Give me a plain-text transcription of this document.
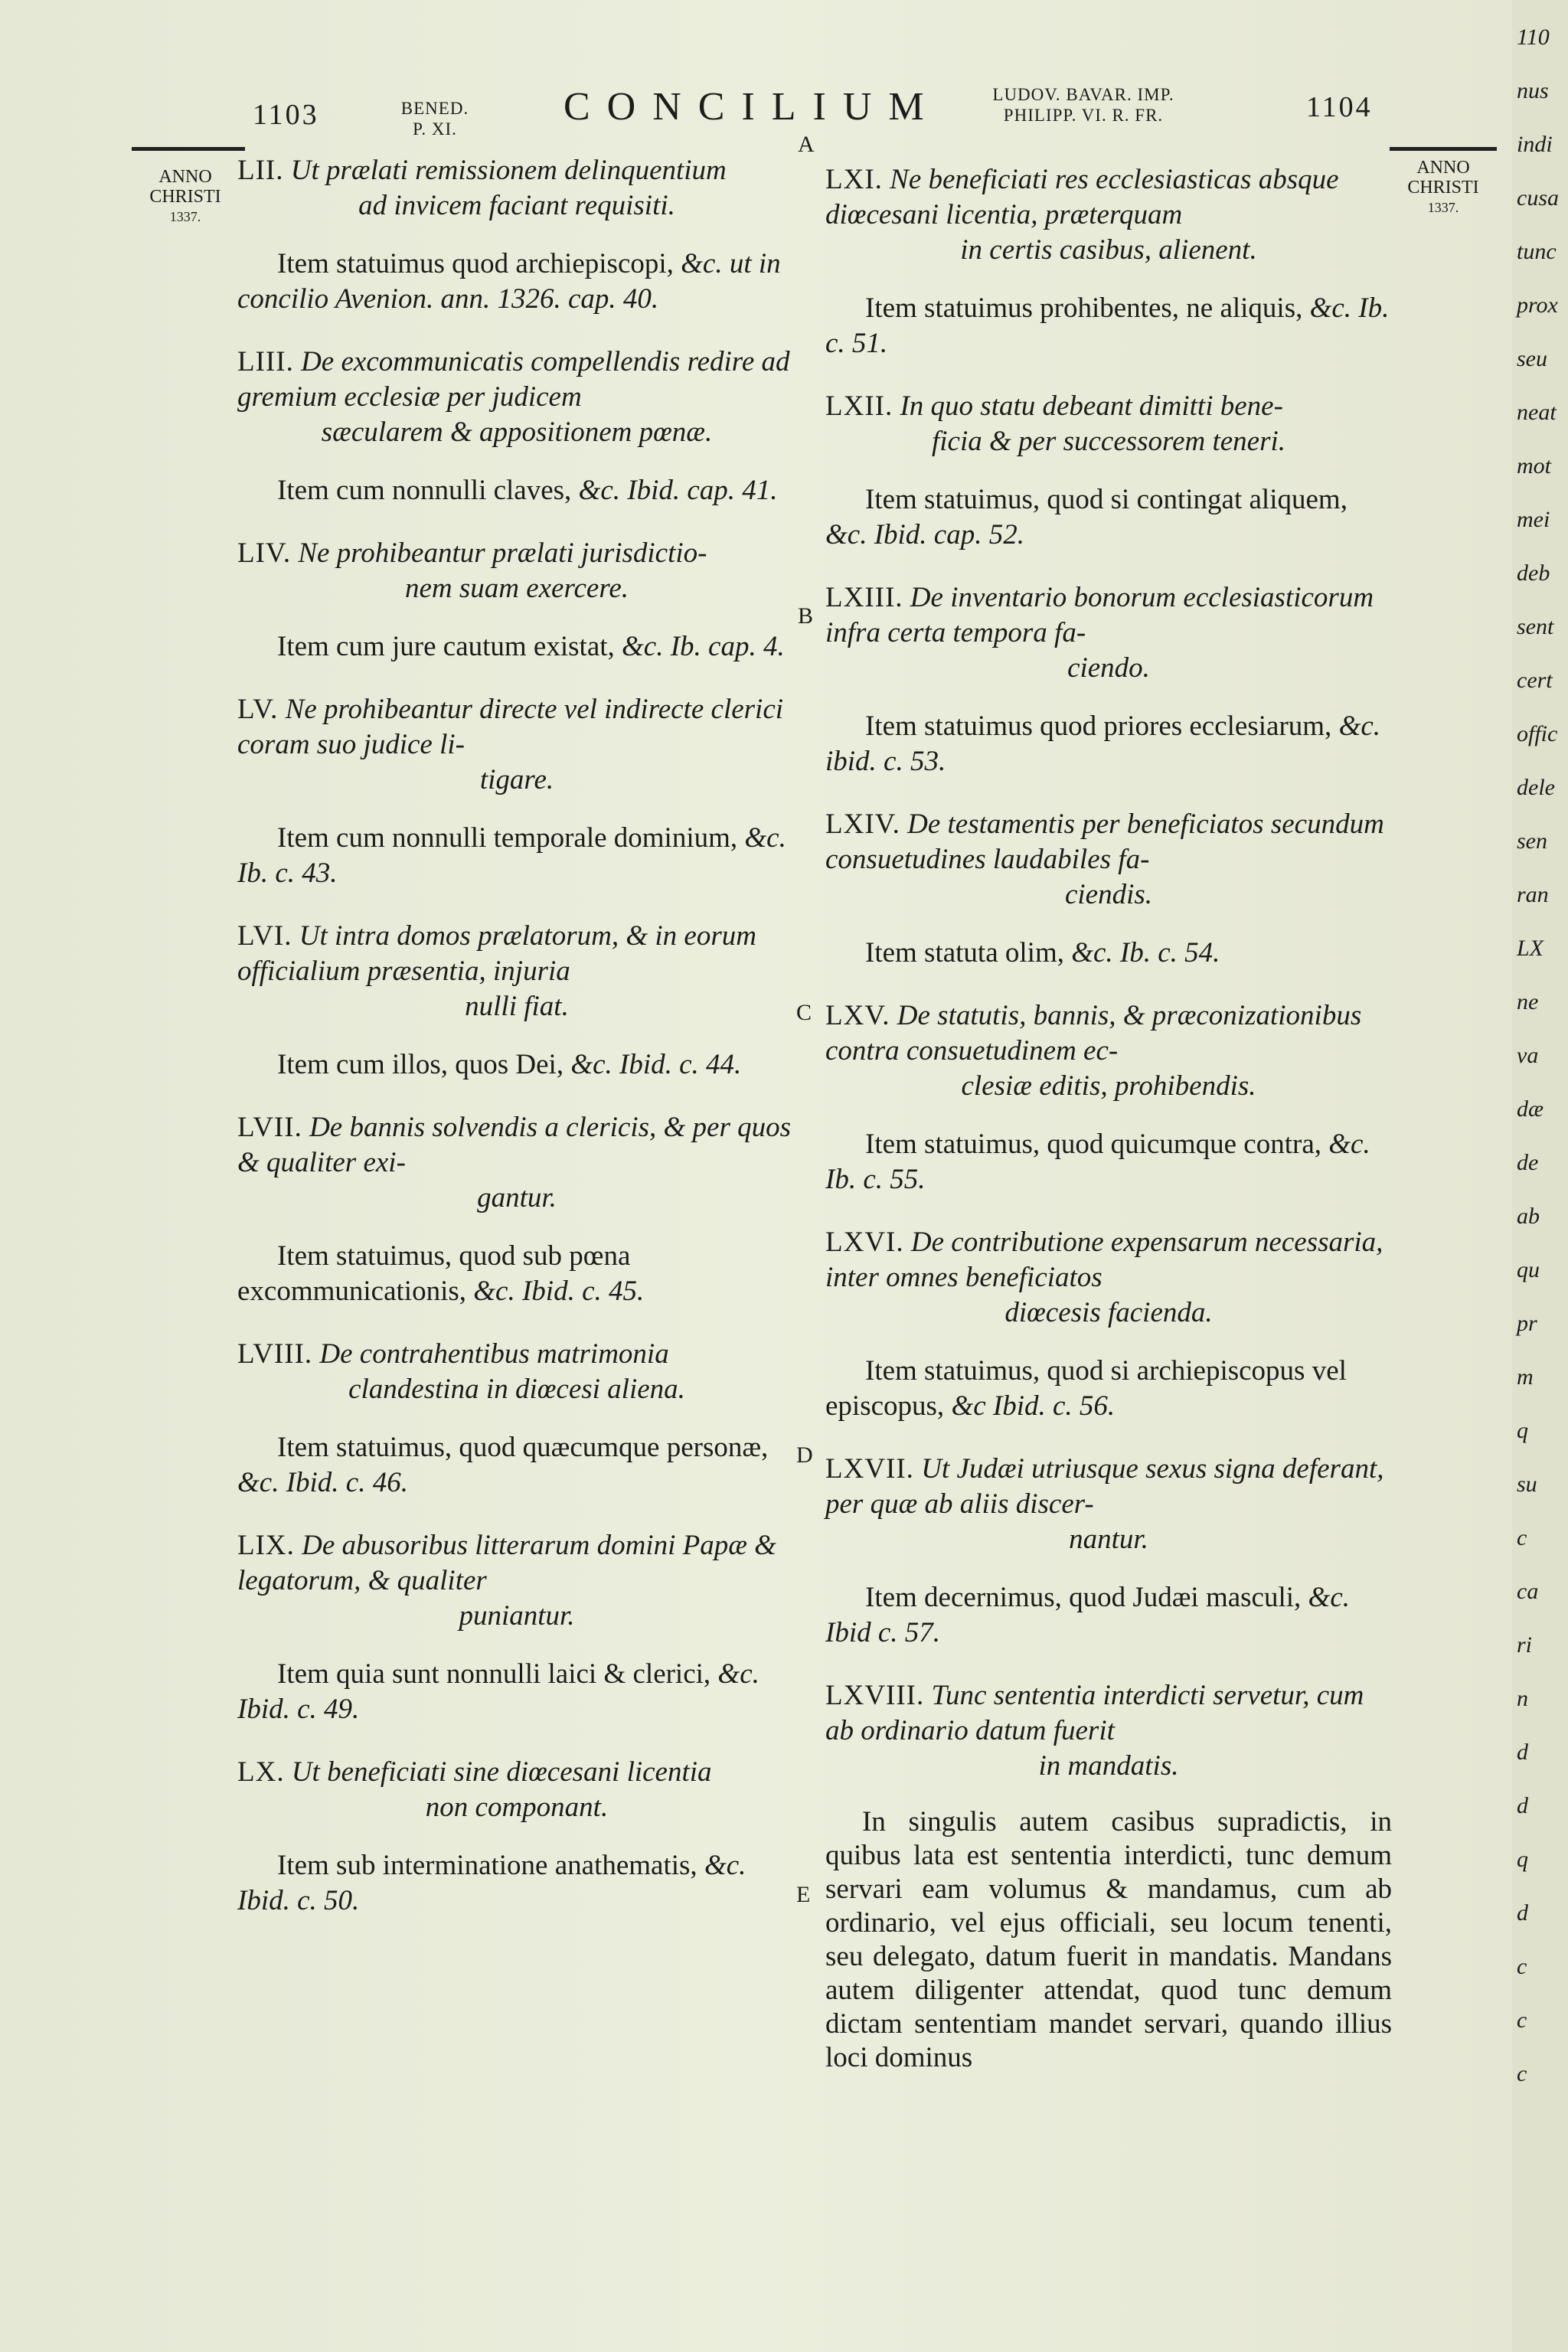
1103	BENED.
P. XI.
CONCILIUM	LUDOV. BAVAR. IMP.
PHILIPP. VI. R. FR.	1104
ANNO
CHRISTI
1337.
ANNO
CHRISTI
1337.
A
B
C
D
E
LII. Ut prælati remissionem delinquentium
ad invicem faciant requisiti.
Item statuimus quod archiepiscopi, &c. ut in concilio Avenion. ann. 1326. cap. 40.
LIII. De excommunicatis compellendis redire ad gremium ecclesiæ per judicem
sæcularem & appositionem pœnæ.
Item cum nonnulli claves, &c. Ibid. cap. 41.
LIV. Ne prohibeantur prælati jurisdictio-
nem suam exercere.
Item cum jure cautum existat, &c. Ib. cap. 4.
LV. Ne prohibeantur directe vel indirecte clerici coram suo judice li-
tigare.
Item cum nonnulli temporale dominium, &c. Ib. c. 43.
LVI. Ut intra domos prælatorum, & in eorum officialium præsentia, injuria
nulli fiat.
Item cum illos, quos Dei, &c. Ibid. c. 44.
LVII. De bannis solvendis a clericis, & per quos & qualiter exi-
gantur.
Item statuimus, quod sub pœna excommunicationis, &c. Ibid. c. 45.
LVIII. De contrahentibus matrimonia
clandestina in diœcesi aliena.
Item statuimus, quod quæcumque personæ, &c. Ibid. c. 46.
LIX. De abusoribus litterarum domini Papæ & legatorum, & qualiter
puniantur.
Item quia sunt nonnulli laici & clerici, &c. Ibid. c. 49.
LX. Ut beneficiati sine diœcesani licentia
non componant.
Item sub interminatione anathematis, &c. Ibid. c. 50.
LXI. Ne beneficiati res ecclesiasticas absque diœcesani licentia, præterquam
in certis casibus, alienent.
Item statuimus prohibentes, ne aliquis, &c. Ib. c. 51.
LXII. In quo statu debeant dimitti bene-
ficia & per successorem teneri.
Item statuimus, quod si contingat aliquem, &c. Ibid. cap. 52.
LXIII. De inventario bonorum ecclesiasticorum infra certa tempora fa-
ciendo.
Item statuimus quod priores ecclesiarum, &c. ibid. c. 53.
LXIV. De testamentis per beneficiatos secundum consuetudines laudabiles fa-
ciendis.
Item statuta olim, &c. Ib. c. 54.
LXV. De statutis, bannis, & præconizationibus contra consuetudinem ec-
clesiæ editis, prohibendis.
Item statuimus, quod quicumque contra, &c. Ib. c. 55.
LXVI. De contributione expensarum necessaria, inter omnes beneficiatos
diœcesis facienda.
Item statuimus, quod si archiepiscopus vel episcopus, &c Ibid. c. 56.
LXVII. Ut Judæi utriusque sexus signa deferant, per quæ ab aliis discer-
nantur.
Item decernimus, quod Judæi masculi, &c. Ibid c. 57.
LXVIII. Tunc sententia interdicti servetur, cum ab ordinario datum fuerit
in mandatis.
In singulis autem casibus supradictis, in quibus lata est sententia interdicti, tunc demum servari eam volumus & mandamus, cum ab ordinario, vel ejus officiali, seu locum tenenti, seu delegato, datum fuerit in mandatis. Mandans autem diligenter attendat, quod tunc demum dictam sententiam mandet servari, quando illius loci dominus
110
nus
indi
cusa
tunc
prox
seu
neat
mot
mei
deb
sent
cert
offic
dele
sen
ran
LX
ne
va
dæ
de
ab
qu
pr
m
q
su
c
ca
ri
n
d
d
q
d
c
c
c
